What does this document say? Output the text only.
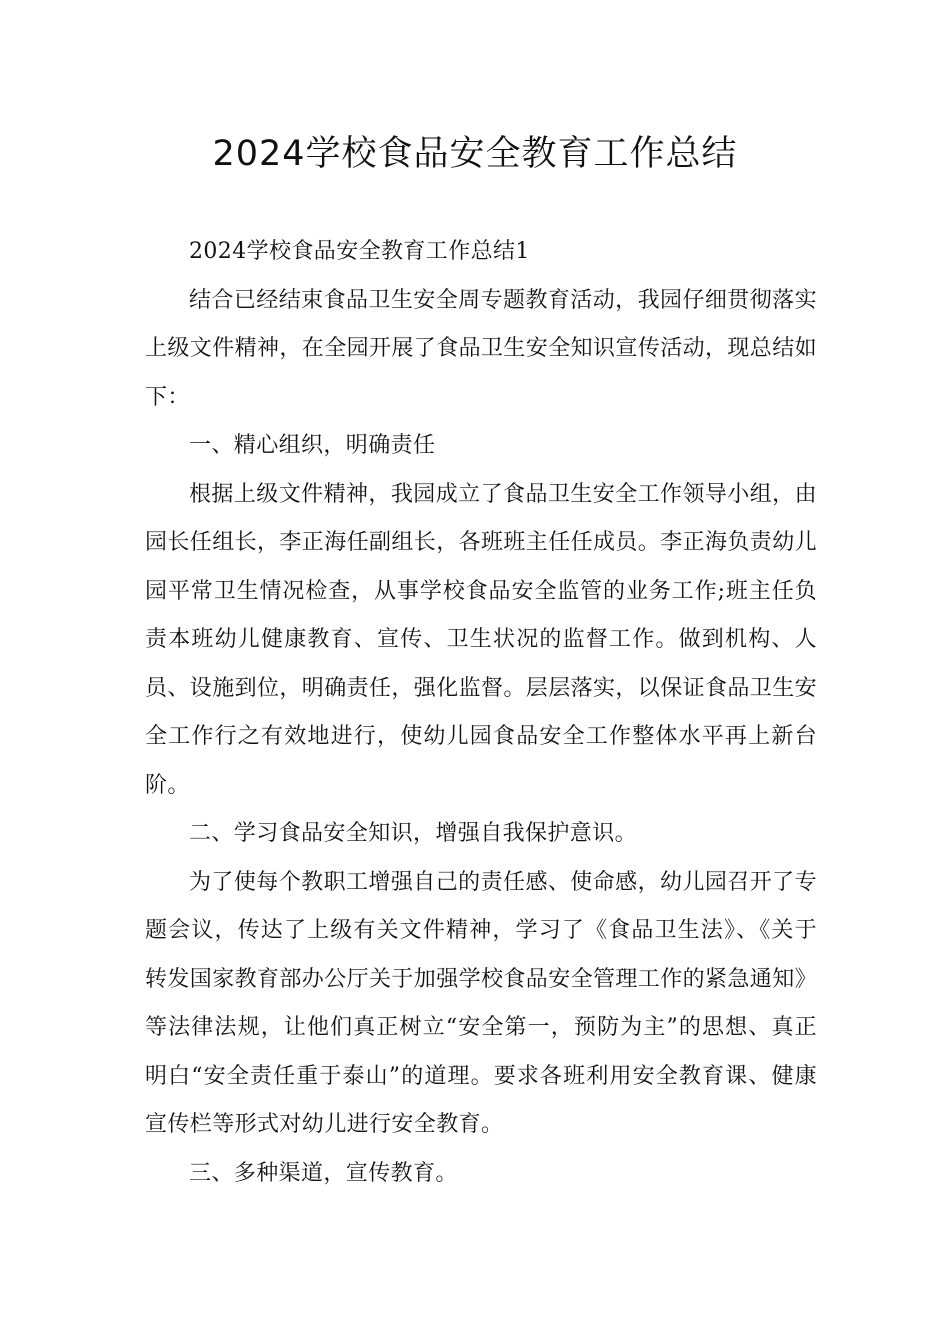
2024学校食品安全教育工作总结

2024学校食品安全教育工作总结1

结合已经结束食品卫生安全周专题教育活动，我园仔细贯彻落实上级文件精神，在全园开展了食品卫生安全知识宣传活动，现总结如下：

一、精心组织，明确责任

根据上级文件精神，我园成立了食品卫生安全工作领导小组，由园长任组长，李正海任副组长，各班班主任任成员。李正海负责幼儿园平常卫生情况检查，从事学校食品安全监管的业务工作;班主任负责本班幼儿健康教育、宣传、卫生状况的监督工作。做到机构、人员、设施到位，明确责任，强化监督。层层落实，以保证食品卫生安全工作行之有效地进行，使幼儿园食品安全工作整体水平再上新台阶。

二、学习食品安全知识，增强自我保护意识。

为了使每个教职工增强自己的责任感、使命感，幼儿园召开了专题会议，传达了上级有关文件精神，学习了《食品卫生法》、《关于转发国家教育部办公厅关于加强学校食品安全管理工作的紧急通知》等法律法规，让他们真正树立“安全第一，预防为主”的思想、真正明白“安全责任重于泰山”的道理。要求各班利用安全教育课、健康宣传栏等形式对幼儿进行安全教育。

三、多种渠道，宣传教育。
